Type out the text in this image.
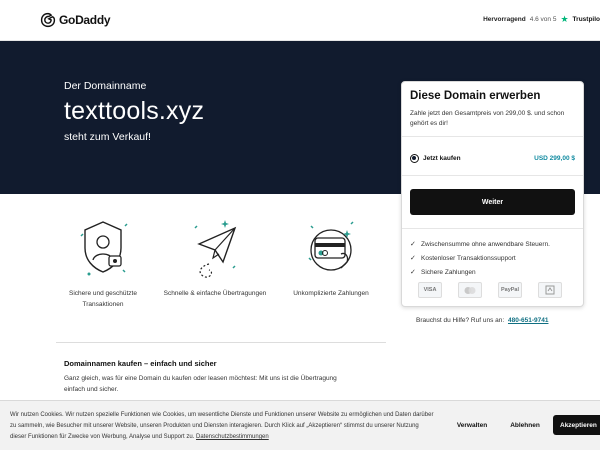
GoDaddy	Hervorragend 4.6 von 5 ★ Trustpilo
Der Domainname
texttools.xyz
steht zum Verkauf!
Diese Domain erwerben
Zahle jetzt den Gesamtpreis von 299,00 $. und schon gehört es dir!
Jetzt kaufen	USD 299,00 $
Weiter
✓ Zwischensumme ohne anwendbare Steuern.
✓ Kostenloser Transaktionssupport
✓ Sichere Zahlungen
VISA	PayPal
Brauchst du Hilfe? Ruf uns an: 480-651-9741
Sichere und geschützte Transaktionen
Schnelle & einfache Übertragungen	Unkomplizierte Zahlungen
Domainnamen kaufen – einfach und sicher
Ganz gleich, was für eine Domain du kaufen oder leasen möchtest: Mit uns ist die Übertragung einfach und sicher.
Wir nutzen Cookies. Wir nutzen spezielle Funktionen wie Cookies, um wesentliche Dienste und Funktionen unserer Website zu ermöglichen und Daten darüber zu sammeln, wie Besucher mit unserer Website, unseren Produkten und Diensten interagieren. Durch Klick auf „Akzeptieren“ stimmst du unserer Nutzung dieser Funktionen für Zwecke von Werbung, Analyse und Support zu. Datenschutzbestimmungen
Verwalten	Ablehnen	Akzeptieren
